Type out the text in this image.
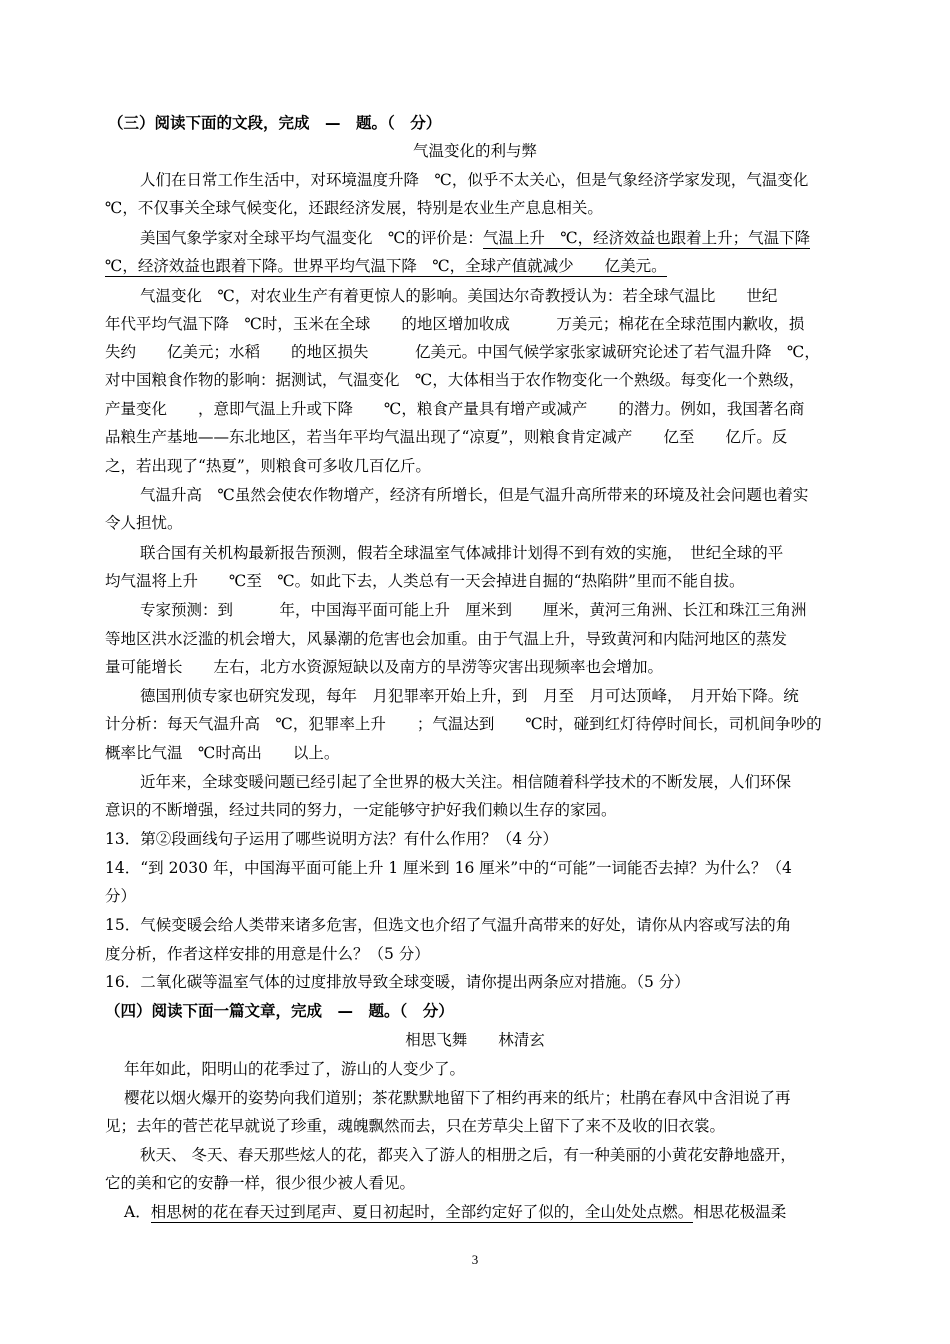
（三）阅读下面的文段，完成　—　题。（　分）
气温变化的利与弊
人们在日常工作生活中，对环境温度升降　℃，似乎不太关心，但是气象经济学家发现，气温变化
℃，不仅事关全球气候变化，还跟经济发展，特别是农业生产息息相关。
美国气象学家对全球平均气温变化　℃的评价是：气温上升　℃，经济效益也跟着上升；气温下降
℃，经济效益也跟着下降。世界平均气温下降　℃，全球产值就减少　　亿美元。
气温变化　℃，对农业生产有着更惊人的影响。美国达尔奇教授认为：若全球气温比　　世纪
年代平均气温下降　℃时，玉米在全球　　的地区增加收成　　　万美元；棉花在全球范围内歉收，损
失约　　亿美元；水稻　　的地区损失　　　亿美元。中国气候学家张家诚研究论述了若气温升降　℃，
对中国粮食作物的影响：据测试，气温变化　℃，大体相当于农作物变化一个熟级。每变化一个熟级，
产量变化　　，意即气温上升或下降　　℃，粮食产量具有增产或减产　　的潜力。例如，我国著名商
品粮生产基地——东北地区，若当年平均气温出现了“凉夏”，则粮食肯定减产　　亿至　　亿斤。反
之，若出现了“热夏”，则粮食可多收几百亿斤。
气温升高　℃虽然会使农作物增产，经济有所增长，但是气温升高所带来的环境及社会问题也着实
令人担忧。
联合国有关机构最新报告预测，假若全球温室气体减排计划得不到有效的实施，　世纪全球的平
均气温将上升　　℃至　℃。如此下去，人类总有一天会掉进自掘的“热陷阱”里而不能自拔。
专家预测：到　　　年，中国海平面可能上升　厘米到　　厘米，黄河三角洲、长江和珠江三角洲
等地区洪水泛滥的机会增大，风暴潮的危害也会加重。由于气温上升，导致黄河和内陆河地区的蒸发
量可能增长　　左右，北方水资源短缺以及南方的旱涝等灾害出现频率也会增加。
德国刑侦专家也研究发现，每年　月犯罪率开始上升，到　月至　月可达顶峰，　月开始下降。统
计分析：每天气温升高　℃，犯罪率上升　　；气温达到　　℃时，碰到红灯待停时间长，司机间争吵的
概率比气温　℃时高出　　以上。
近年来，全球变暖问题已经引起了全世界的极大关注。相信随着科学技术的不断发展，人们环保
意识的不断增强，经过共同的努力，一定能够守护好我们赖以生存的家园。
13．第②段画线句子运用了哪些说明方法？有什么作用？（4 分）
14．“到 2030 年，中国海平面可能上升 1 厘米到 16 厘米”中的“可能”一词能否去掉？为什么？（4
分）
15．气候变暖会给人类带来诸多危害，但选文也介绍了气温升高带来的好处，请你从内容或写法的角
度分析，作者这样安排的用意是什么？（5 分）
16．二氧化碳等温室气体的过度排放导致全球变暖，请你提出两条应对措施。（5 分）
（四）阅读下面一篇文章，完成　—　题。（　分）
相思飞舞　　林清玄
年年如此，阳明山的花季过了，游山的人变少了。
樱花以烟火爆开的姿势向我们道别；茶花默默地留下了相约再来的纸片；杜鹃在春风中含泪说了再
见；去年的菅芒花早就说了珍重，魂魄飘然而去，只在芳草尖上留下了来不及收的旧衣裳。
秋天、 冬天、春天那些炫人的花，都夹入了游人的相册之后，有一种美丽的小黄花安静地盛开，
它的美和它的安静一样，很少很少被人看见。
A．相思树的花在春天过到尾声、夏日初起时，全部约定好了似的，全山处处点燃。相思花极温柔
3
